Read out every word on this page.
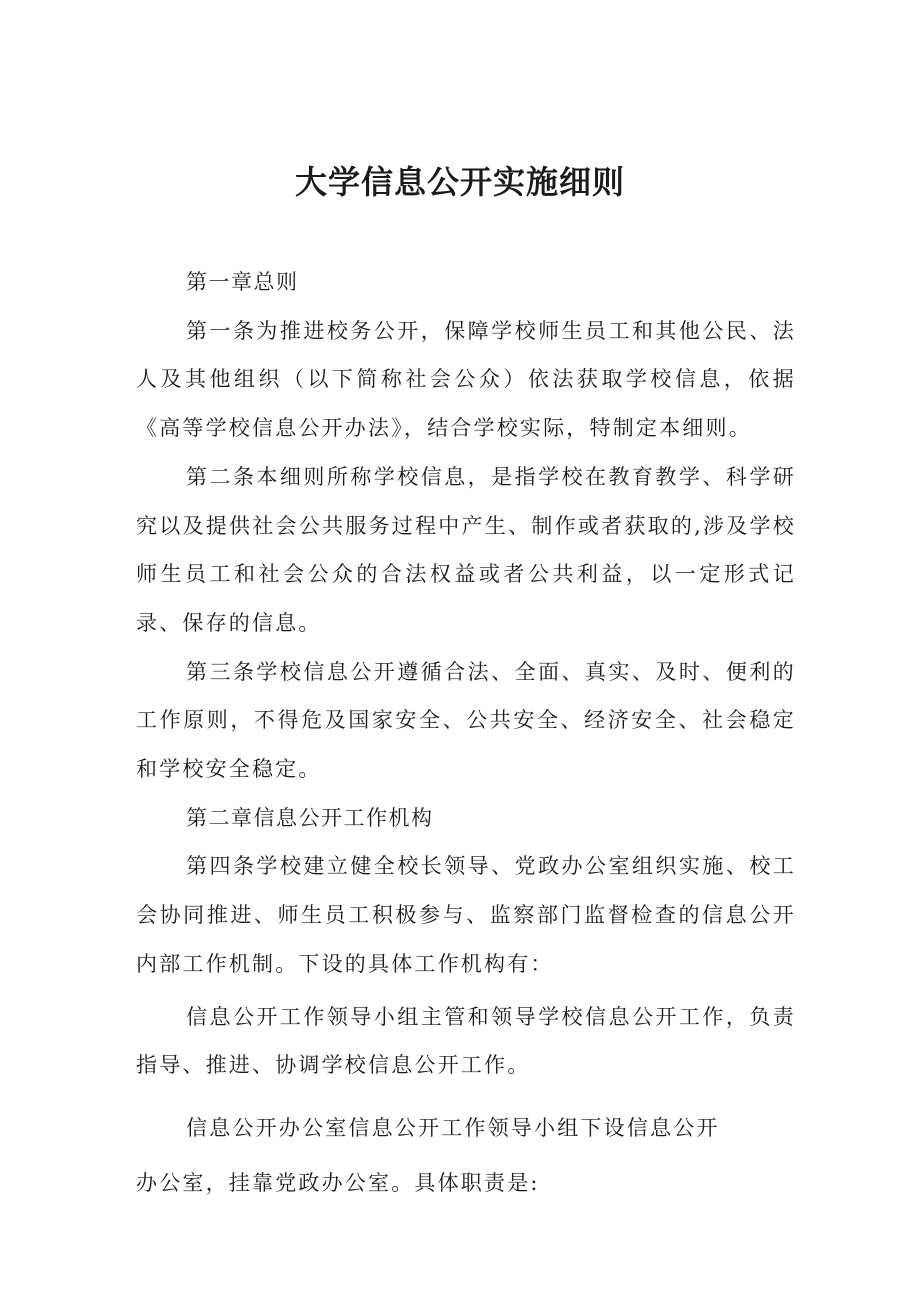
大学信息公开实施细则

第一章总则

第一条为推进校务公开，保障学校师生员工和其他公民、法人及其他组织（以下简称社会公众）依法获取学校信息，依据《高等学校信息公开办法》，结合学校实际，特制定本细则。

第二条本细则所称学校信息，是指学校在教育教学、科学研究以及提供社会公共服务过程中产生、制作或者获取的,涉及学校师生员工和社会公众的合法权益或者公共利益，以一定形式记录、保存的信息。

第三条学校信息公开遵循合法、全面、真实、及时、便利的工作原则，不得危及国家安全、公共安全、经济安全、社会稳定和学校安全稳定。

第二章信息公开工作机构

第四条学校建立健全校长领导、党政办公室组织实施、校工会协同推进、师生员工积极参与、监察部门监督检查的信息公开内部工作机制。下设的具体工作机构有：

信息公开工作领导小组主管和领导学校信息公开工作，负责指导、推进、协调学校信息公开工作。

信息公开办公室信息公开工作领导小组下设信息公开

办公室，挂靠党政办公室。具体职责是:
